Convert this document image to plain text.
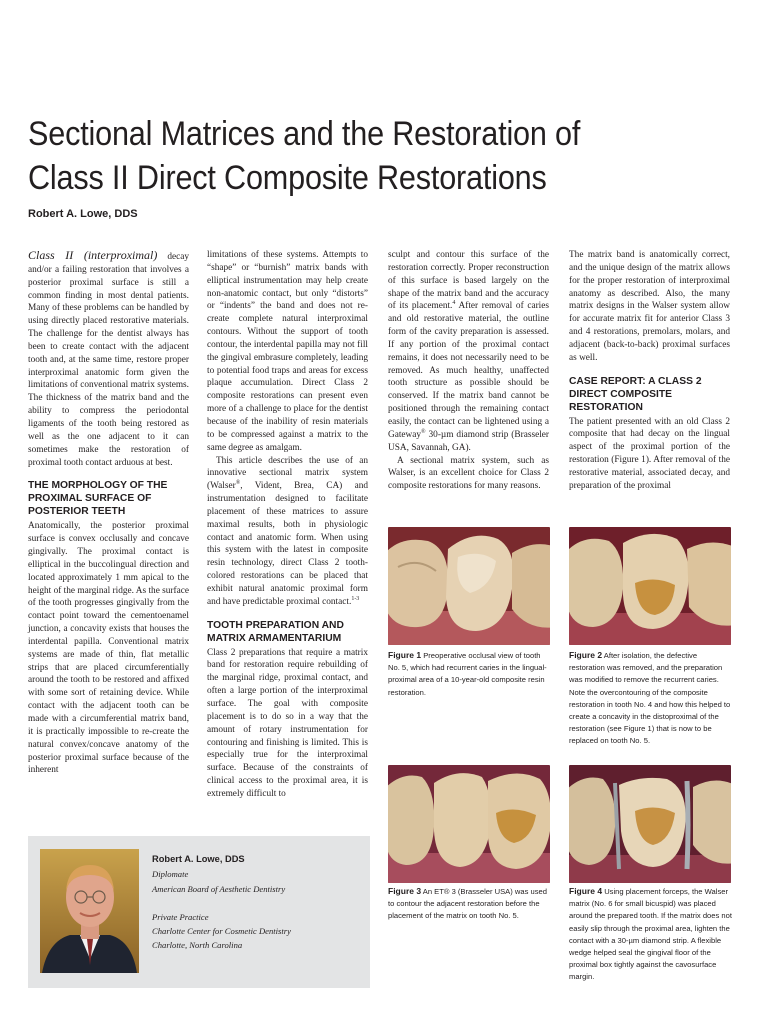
Sectional Matrices and the Restoration of
Class II Direct Composite Restorations
Robert A. Lowe, DDS

Class II (interproximal) decay and/or a failing restoration that involves a posterior proximal surface is still a common finding in most dental patients. Many of these problems can be handled by using directly placed restorative materials. The challenge for the dentist always has been to create contact with the adjacent tooth and, at the same time, restore proper interproximal anatomic form given the limitations of conventional matrix systems. The thickness of the matrix band and the ability to compress the periodontal ligaments of the tooth being restored as well as the one adjacent to it can sometimes make the restoration of proximal tooth contact arduous at best.

THE MORPHOLOGY OF THE PROXIMAL SURFACE OF POSTERIOR TEETH

Anatomically, the posterior proximal surface is convex occlusally and concave gingivally. The proximal contact is elliptical in the buccolingual direction and located approximately 1 mm apical to the height of the marginal ridge. As the surface of the tooth progresses gingivally from the contact point toward the cementoenamel junction, a concavity exists that houses the interdental papilla. Conventional matrix systems are made of thin, flat metallic strips that are placed circumferentially around the tooth to be restored and affixed with some sort of retaining device. While contact with the adjacent tooth can be made with a circumferential matrix band, it is practically impossible to re-create the natural convex/concave anatomy of the posterior proximal surface because of the inherent

limitations of these systems. Attempts to “shape” or “burnish” matrix bands with elliptical instrumentation may help create non-anatomic contact, but only “distorts” or “indents” the band and does not re-create complete natural interproximal contours. Without the support of tooth contour, the interdental papilla may not fill the gingival embrasure completely, leading to potential food traps and areas for excess plaque accumulation. Direct Class 2 composite restorations can present even more of a challenge to place for the dentist because of the inability of resin materials to be compressed against a matrix to the same degree as amalgam.

This article describes the use of an innovative sectional matrix system (Walser®, Vident, Brea, CA) and instrumentation designed to facilitate placement of these matrices to assure maximal results, both in physiologic contact and anatomic form. When using this system with the latest in composite resin technology, direct Class 2 tooth-colored restorations can be placed that exhibit natural anatomic proximal form and have predictable proximal contact.$^{1-3}$

TOOTH PREPARATION AND MATRIX ARMAMENTARIUM

Class 2 preparations that require a matrix band for restoration require rebuilding of the marginal ridge, proximal contact, and often a large portion of the interproximal surface. The goal with composite placement is to do so in a way that the amount of rotary instrumentation for contouring and finishing is limited. This is especially true for the interproximal surface. Because of the constraints of clinical access to the proximal area, it is extremely difficult to

sculpt and contour this surface of the restoration correctly. Proper reconstruction of this surface is based largely on the shape of the matrix band and the accuracy of its placement.$^4$ After removal of caries and old restorative material, the outline form of the cavity preparation is assessed. If any portion of the proximal contact remains, it does not necessarily need to be removed. As much healthy, unaffected tooth structure as possible should be conserved. If the matrix band cannot be positioned through the remaining contact easily, the contact can be lightened using a Gateway® 30-µm diamond strip (Brasseler USA, Savannah, GA).

A sectional matrix system, such as Walser, is an excellent choice for Class 2 composite restorations for many reasons.

The matrix band is anatomically correct, and the unique design of the matrix allows for the proper restoration of interproximal anatomy as described. Also, the many matrix designs in the Walser system allow for accurate matrix fit for anterior Class 3 and 4 restorations, premolars, molars, and adjacent (back-to-back) proximal surfaces as well.

CASE REPORT: A CLASS 2 DIRECT COMPOSITE RESTORATION

The patient presented with an old Class 2 composite that had decay on the lingual aspect of the proximal portion of the restoration (Figure 1). After removal of the restorative material, associated decay, and preparation of the proximal

Figure 1 Preoperative occlusal view of tooth No. 5, which had recurrent caries in the lingual-proximal area of a 10-year-old composite resin restoration.
Figure 2 After isolation, the defective restoration was removed, and the preparation was modified to remove the recurrent caries. Note the overcontouring of the composite restoration in tooth No. 4 and how this helped to create a concavity in the distoproximal of the restoration (see Figure 1) that is now to be replaced on tooth No. 5.
Figure 3 An ET® 3 (Brasseler USA) was used to contour the adjacent restoration before the placement of the matrix on tooth No. 5.
Figure 4 Using placement forceps, the Walser matrix (No. 6 for small bicuspid) was placed around the prepared tooth. If the matrix does not easily slip through the proximal area, lighten the contact with a 30-µm diamond strip. A flexible wedge helped seal the gingival floor of the proximal box tightly against the cavosurface margin.
Robert A. Lowe, DDS
Diplomate
American Board of Aesthetic Dentistry
Private Practice
Charlotte Center for Cosmetic Dentistry
Charlotte, North Carolina
